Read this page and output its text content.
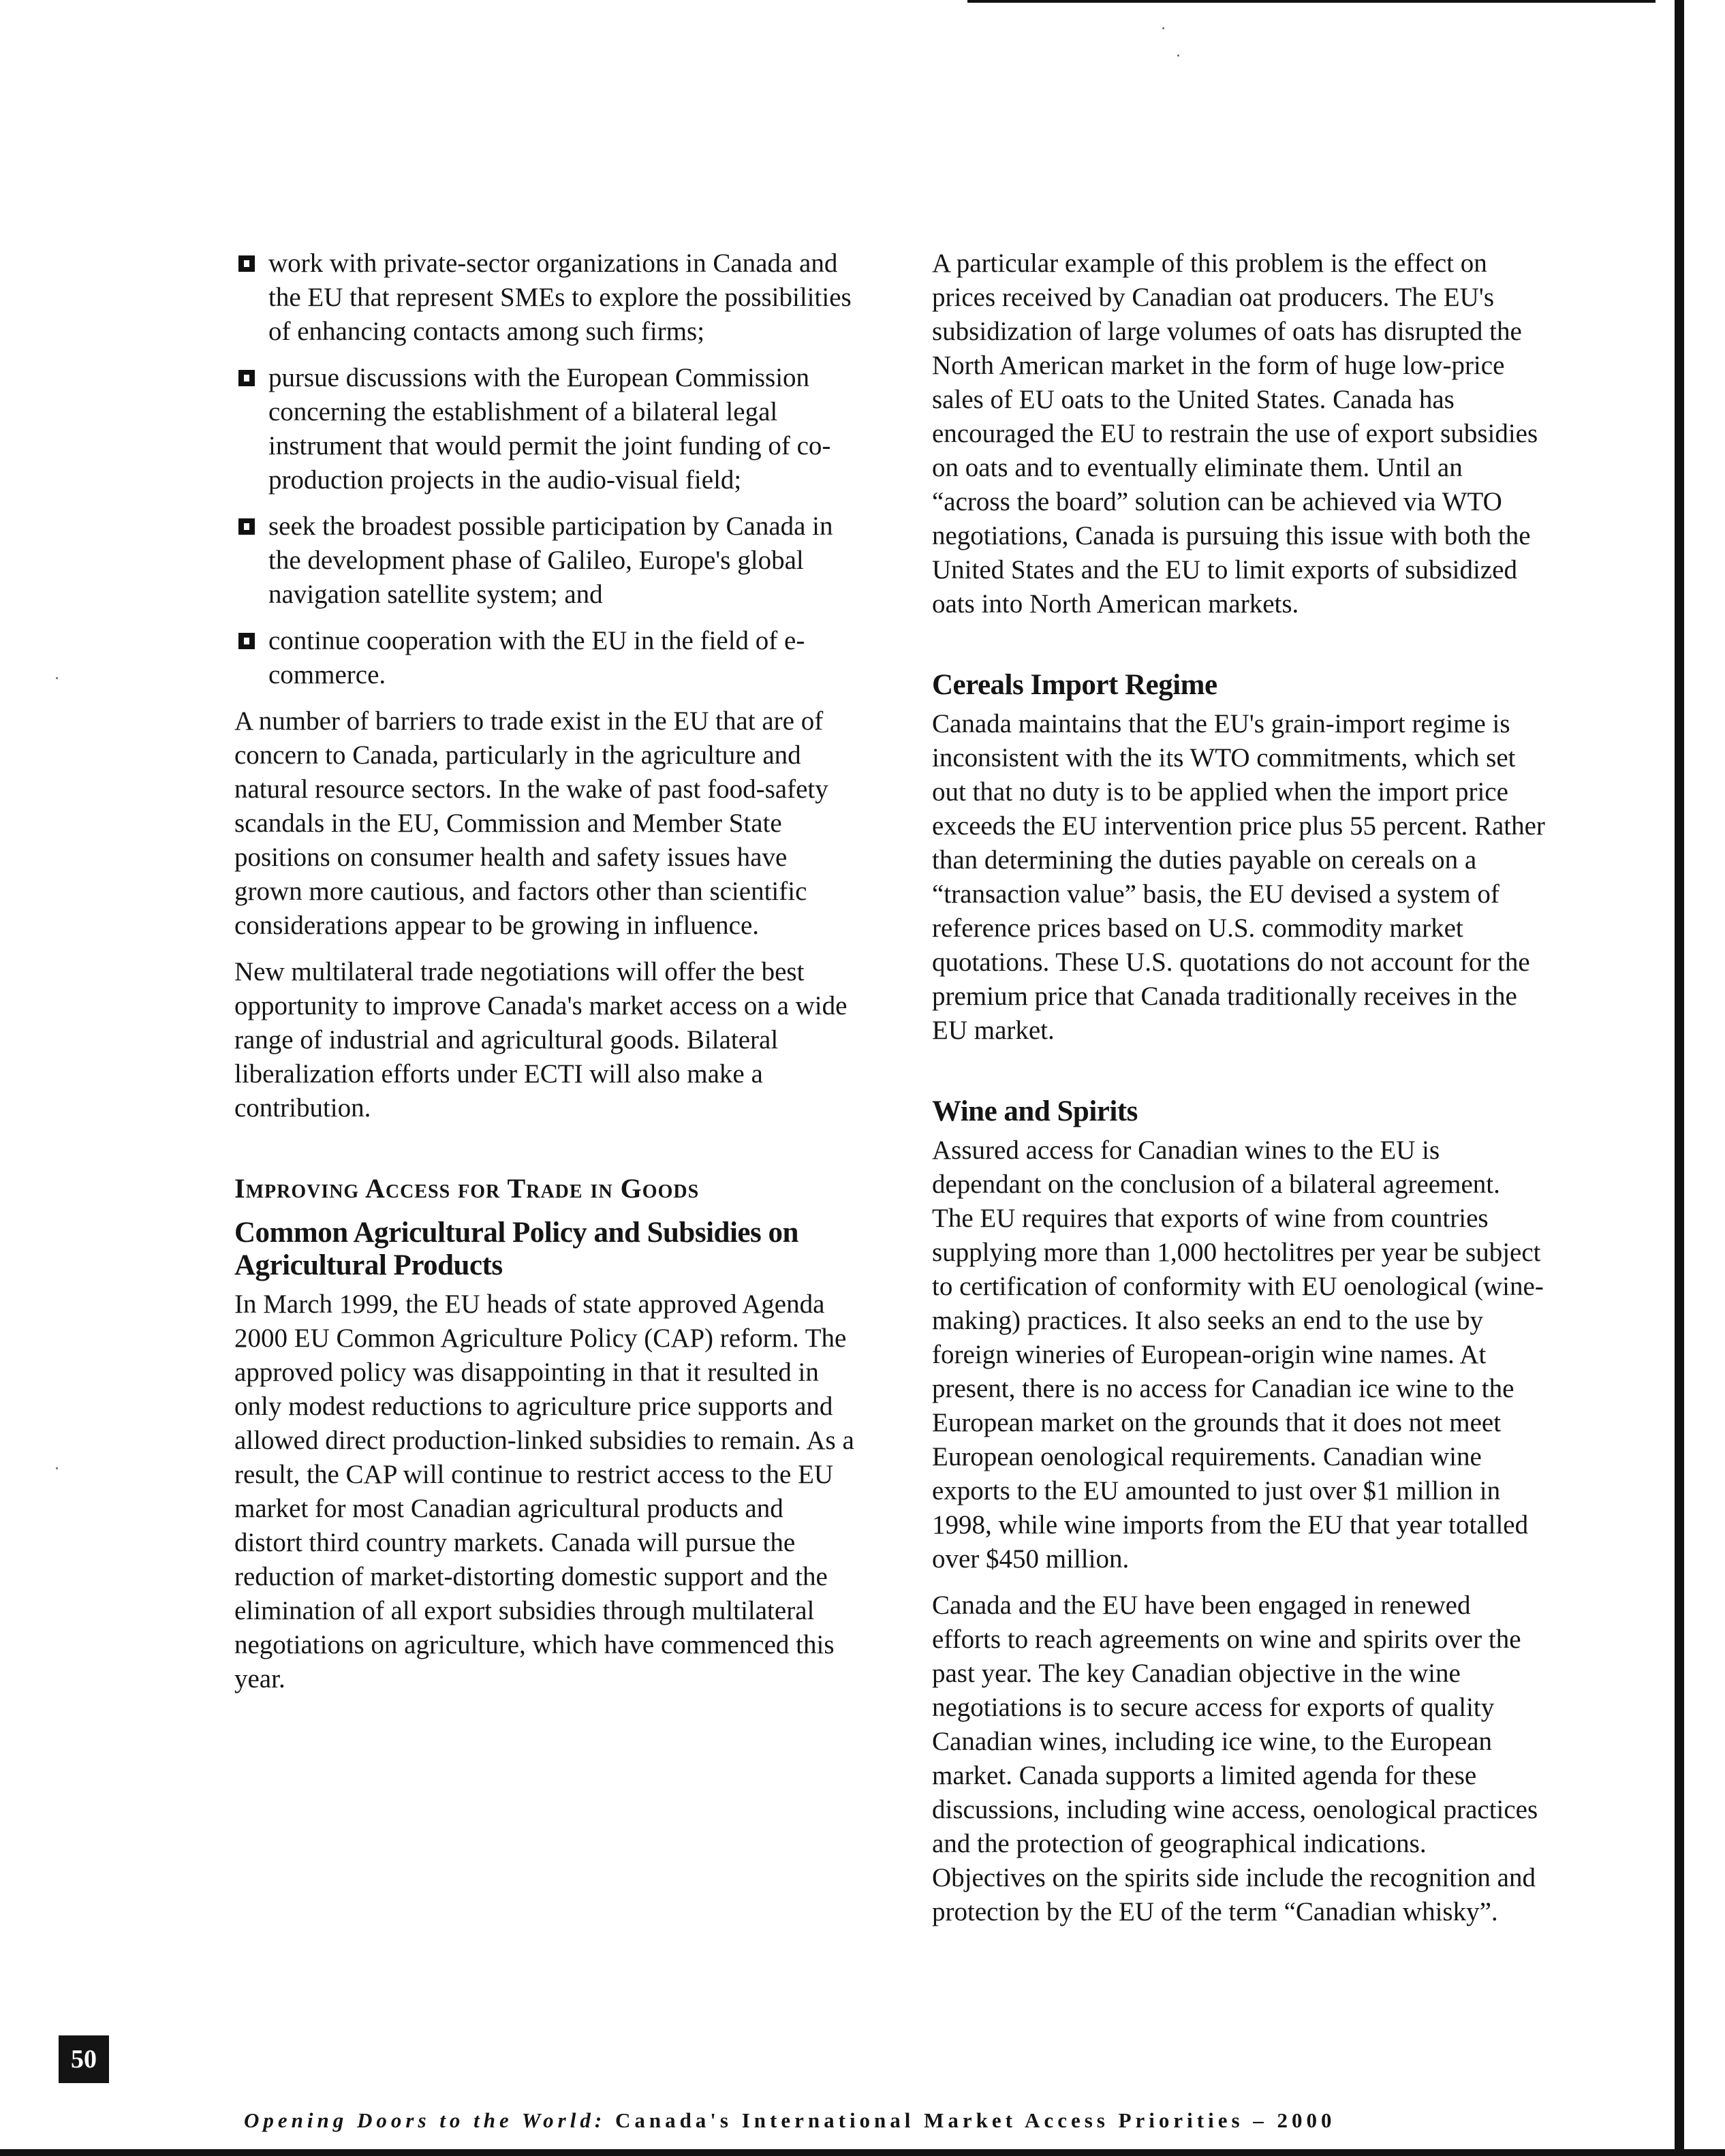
work with private-sector organizations in Canada and the EU that represent SMEs to explore the possibilities of enhancing contacts among such firms;
pursue discussions with the European Commission concerning the establishment of a bilateral legal instrument that would permit the joint funding of co-production projects in the audio-visual field;
seek the broadest possible participation by Canada in the development phase of Galileo, Europe's global navigation satellite system; and
continue cooperation with the EU in the field of e-commerce.

A number of barriers to trade exist in the EU that are of concern to Canada, particularly in the agriculture and natural resource sectors. In the wake of past food-safety scandals in the EU, Commission and Member State positions on consumer health and safety issues have grown more cautious, and factors other than scientific considerations appear to be growing in influence.

New multilateral trade negotiations will offer the best opportunity to improve Canada's market access on a wide range of industrial and agricultural goods. Bilateral liberalization efforts under ECTI will also make a contribution.

Improving Access for Trade in Goods
Common Agricultural Policy and Subsidies on Agricultural Products

In March 1999, the EU heads of state approved Agenda 2000 EU Common Agriculture Policy (CAP) reform. The approved policy was disappointing in that it resulted in only modest reductions to agriculture price supports and allowed direct production-linked subsidies to remain. As a result, the CAP will continue to restrict access to the EU market for most Canadian agricultural products and distort third country markets. Canada will pursue the reduction of market-distorting domestic support and the elimination of all export subsidies through multilateral negotiations on agriculture, which have commenced this year.

A particular example of this problem is the effect on prices received by Canadian oat producers. The EU's subsidization of large volumes of oats has disrupted the North American market in the form of huge low-price sales of EU oats to the United States. Canada has encouraged the EU to restrain the use of export subsidies on oats and to eventually eliminate them. Until an “across the board” solution can be achieved via WTO negotiations, Canada is pursuing this issue with both the United States and the EU to limit exports of subsidized oats into North American markets.

Cereals Import Regime

Canada maintains that the EU's grain-import regime is inconsistent with the its WTO commitments, which set out that no duty is to be applied when the import price exceeds the EU intervention price plus 55 percent. Rather than determining the duties payable on cereals on a “transaction value” basis, the EU devised a system of reference prices based on U.S. commodity market quotations. These U.S. quotations do not account for the premium price that Canada traditionally receives in the EU market.

Wine and Spirits

Assured access for Canadian wines to the EU is dependant on the conclusion of a bilateral agreement. The EU requires that exports of wine from countries supplying more than 1,000 hectolitres per year be subject to certification of conformity with EU oenological (wine-making) practices. It also seeks an end to the use by foreign wineries of European-origin wine names. At present, there is no access for Canadian ice wine to the European market on the grounds that it does not meet European oenological requirements. Canadian wine exports to the EU amounted to just over $1 million in 1998, while wine imports from the EU that year totalled over $450 million.

Canada and the EU have been engaged in renewed efforts to reach agreements on wine and spirits over the past year. The key Canadian objective in the wine negotiations is to secure access for exports of quality Canadian wines, including ice wine, to the European market. Canada supports a limited agenda for these discussions, including wine access, oenological practices and the protection of geographical indications. Objectives on the spirits side include the recognition and protection by the EU of the term “Canadian whisky”.

50
Opening Doors to the World: Canada's International Market Access Priorities – 2000
